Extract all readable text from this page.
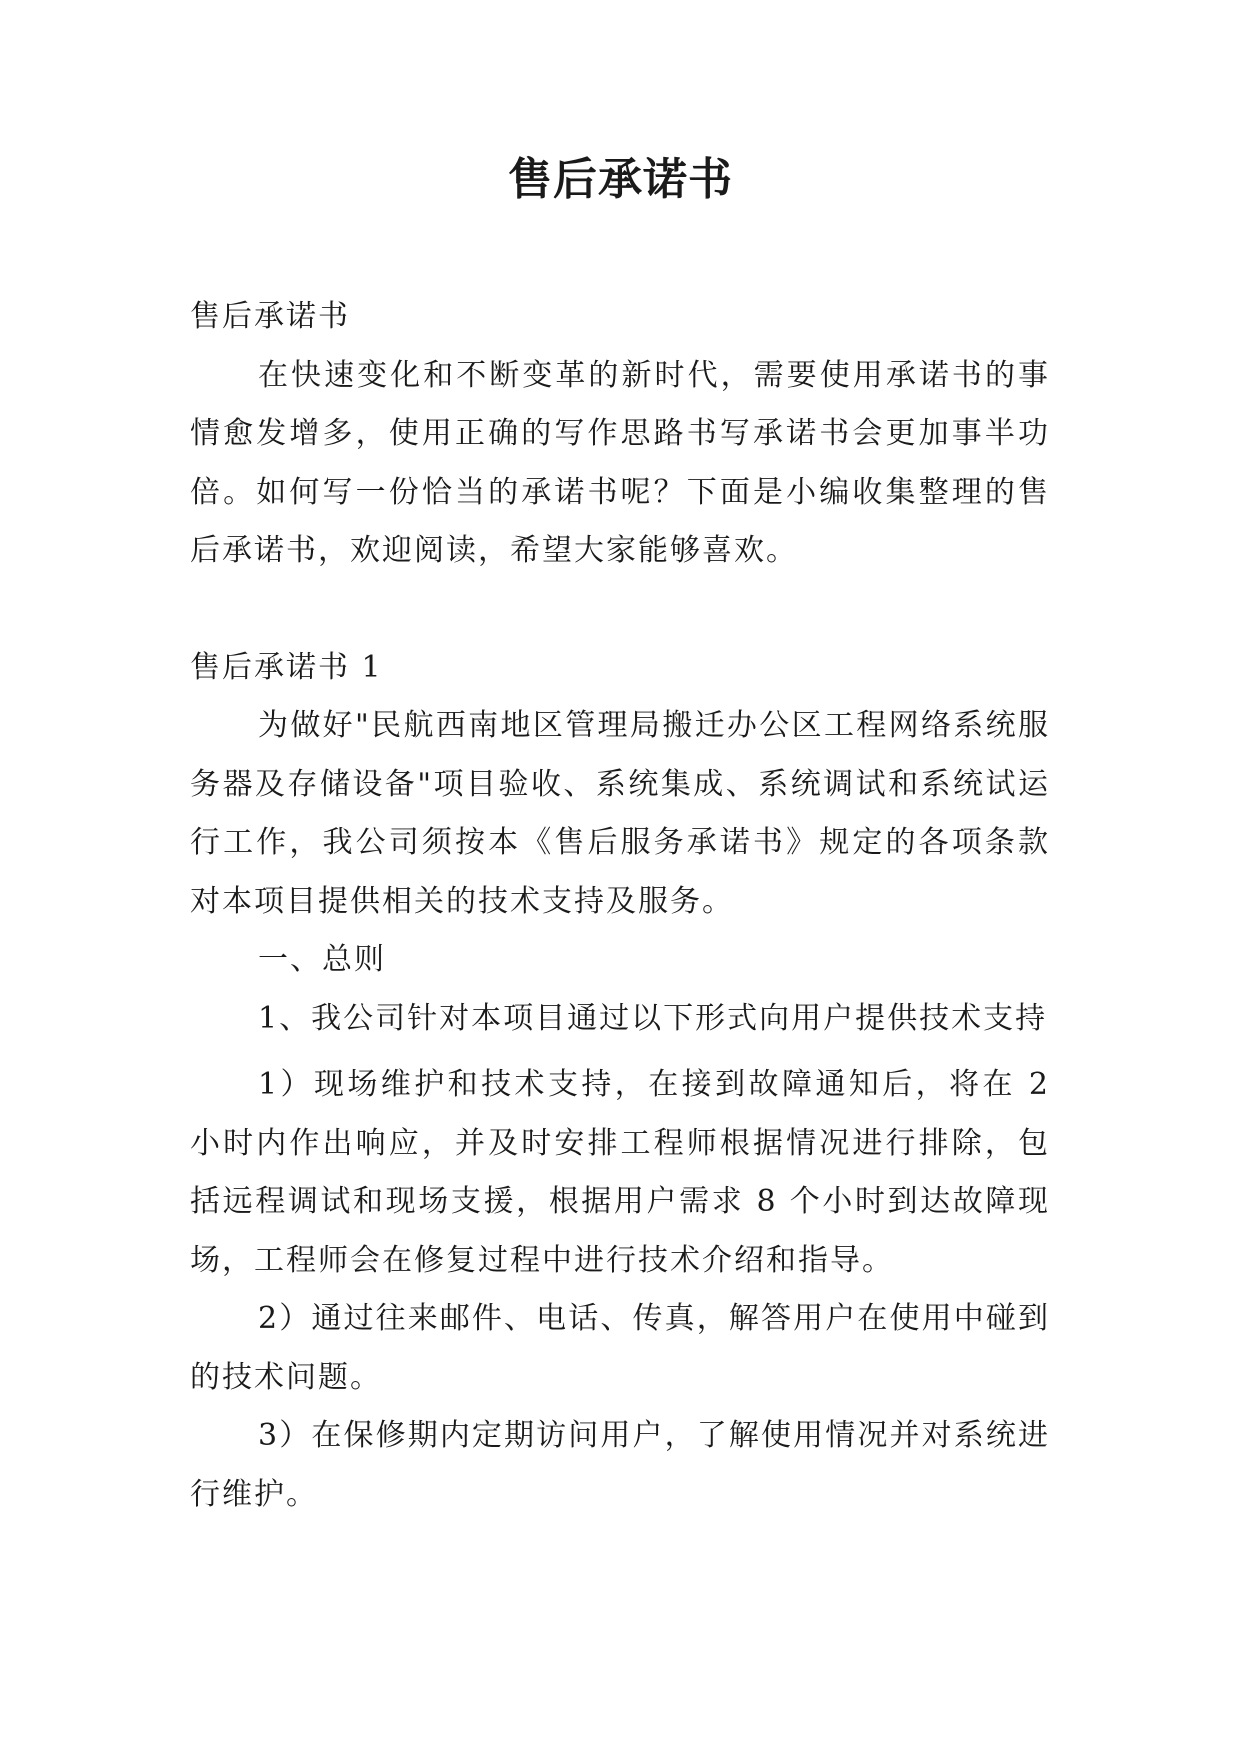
售后承诺书

售后承诺书

在快速变化和不断变革的新时代，需要使用承诺书的事情愈发增多，使用正确的写作思路书写承诺书会更加事半功倍。如何写一份恰当的承诺书呢？下面是小编收集整理的售后承诺书，欢迎阅读，希望大家能够喜欢。

售后承诺书 1

为做好"民航西南地区管理局搬迁办公区工程网络系统服务器及存储设备"项目验收、系统集成、系统调试和系统试运行工作，我公司须按本《售后服务承诺书》规定的各项条款对本项目提供相关的技术支持及服务。

一、总则

1、我公司针对本项目通过以下形式向用户提供技术支持

1）现场维护和技术支持，在接到故障通知后，将在 2 小时内作出响应，并及时安排工程师根据情况进行排除，包括远程调试和现场支援，根据用户需求 8 个小时到达故障现场，工程师会在修复过程中进行技术介绍和指导。

2）通过往来邮件、电话、传真，解答用户在使用中碰到的技术问题。

3）在保修期内定期访问用户，了解使用情况并对系统进行维护。
